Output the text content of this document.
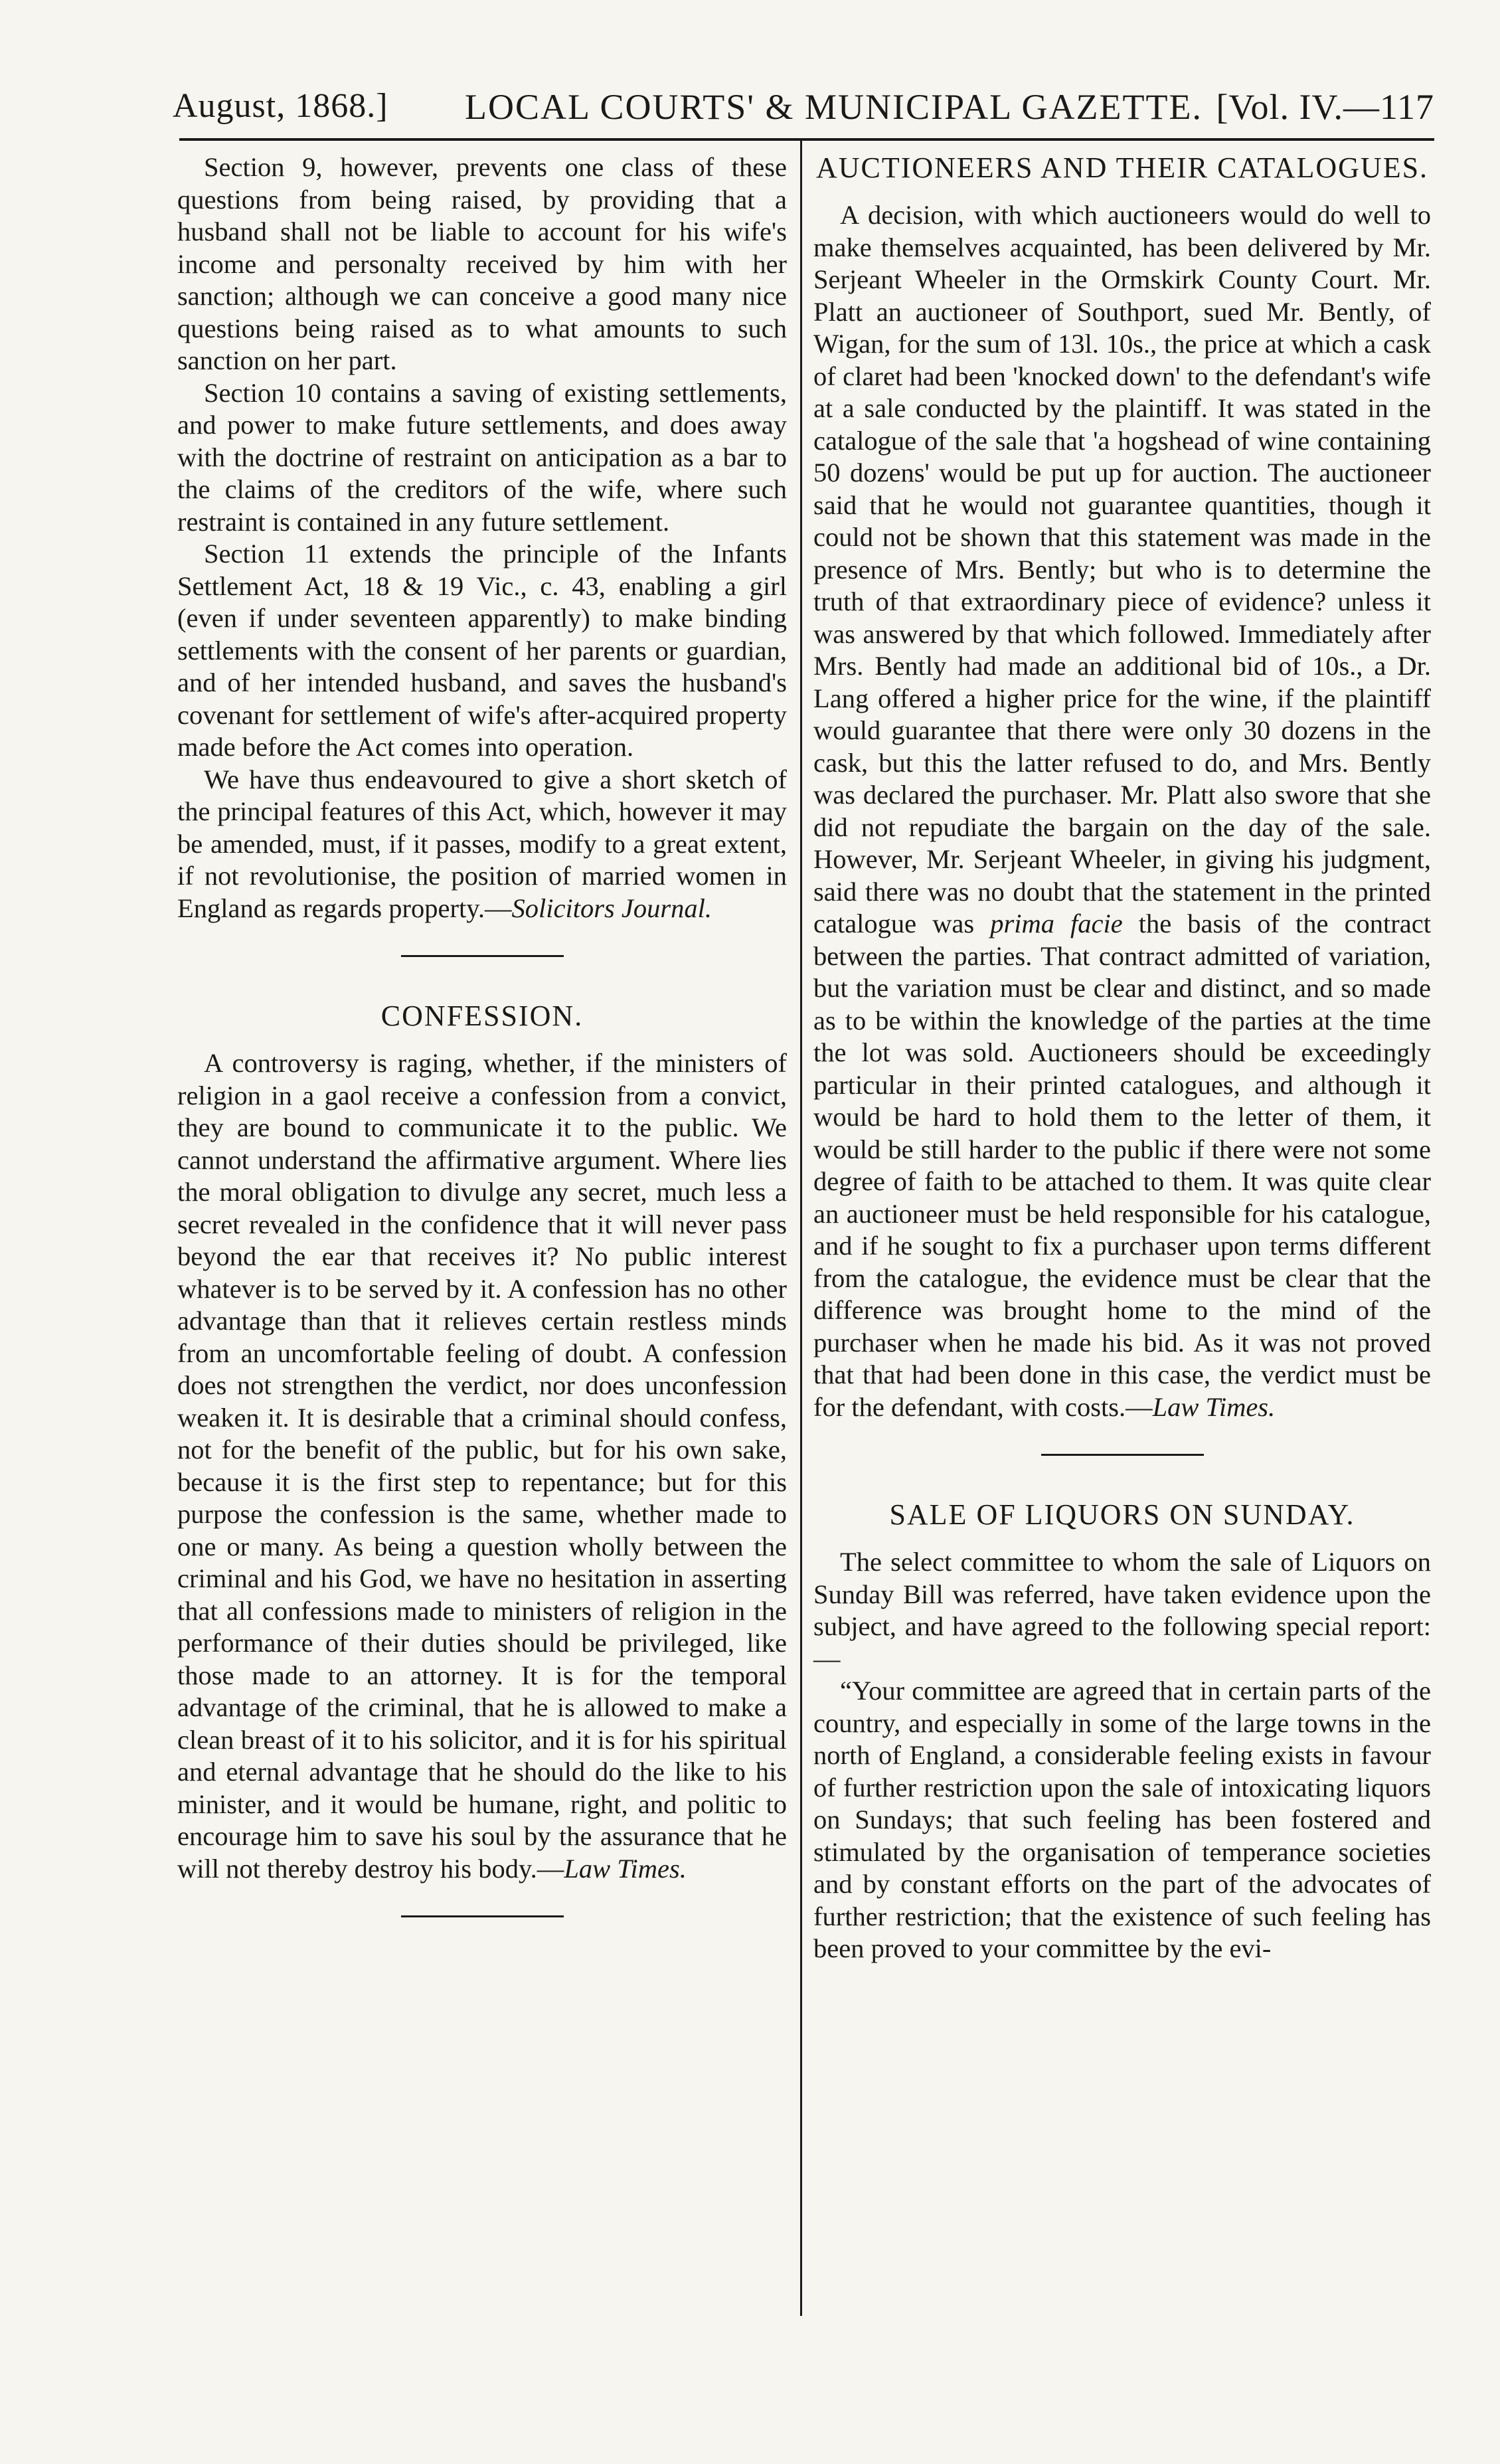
August, 1868.] LOCAL COURTS' & MUNICIPAL GAZETTE. [Vol. IV.—117

Section 9, however, prevents one class of these questions from being raised, by providing that a husband shall not be liable to account for his wife's income and personalty received by him with her sanction; although we can conceive a good many nice questions being raised as to what amounts to such sanction on her part.

Section 10 contains a saving of existing settlements, and power to make future settlements, and does away with the doctrine of restraint on anticipation as a bar to the claims of the creditors of the wife, where such restraint is contained in any future settlement.

Section 11 extends the principle of the Infants Settlement Act, 18 & 19 Vic., c. 43, enabling a girl (even if under seventeen apparently) to make binding settlements with the consent of her parents or guardian, and of her intended husband, and saves the husband's covenant for settlement of wife's after-acquired property made before the Act comes into operation.

We have thus endeavoured to give a short sketch of the principal features of this Act, which, however it may be amended, must, if it passes, modify to a great extent, if not revolutionise, the position of married women in England as regards property.—Solicitors Journal.

CONFESSION.

A controversy is raging, whether, if the ministers of religion in a gaol receive a confession from a convict, they are bound to communicate it to the public. We cannot understand the affirmative argument. Where lies the moral obligation to divulge any secret, much less a secret revealed in the confidence that it will never pass beyond the ear that receives it? No public interest whatever is to be served by it. A confession has no other advantage than that it relieves certain restless minds from an uncomfortable feeling of doubt. A confession does not strengthen the verdict, nor does unconfession weaken it. It is desirable that a criminal should confess, not for the benefit of the public, but for his own sake, because it is the first step to repentance; but for this purpose the confession is the same, whether made to one or many. As being a question wholly between the criminal and his God, we have no hesitation in asserting that all confessions made to ministers of religion in the performance of their duties should be privileged, like those made to an attorney. It is for the temporal advantage of the criminal, that he is allowed to make a clean breast of it to his solicitor, and it is for his spiritual and eternal advantage that he should do the like to his minister, and it would be humane, right, and politic to encourage him to save his soul by the assurance that he will not thereby destroy his body.—Law Times.

AUCTIONEERS AND THEIR CATALOGUES.

A decision, with which auctioneers would do well to make themselves acquainted, has been delivered by Mr. Serjeant Wheeler in the Ormskirk County Court. Mr. Platt an auctioneer of Southport, sued Mr. Bently, of Wigan, for the sum of 13l. 10s., the price at which a cask of claret had been 'knocked down' to the defendant's wife at a sale conducted by the plaintiff. It was stated in the catalogue of the sale that 'a hogshead of wine containing 50 dozens' would be put up for auction. The auctioneer said that he would not guarantee quantities, though it could not be shown that this statement was made in the presence of Mrs. Bently; but who is to determine the truth of that extraordinary piece of evidence? unless it was answered by that which followed. Immediately after Mrs. Bently had made an additional bid of 10s., a Dr. Lang offered a higher price for the wine, if the plaintiff would guarantee that there were only 30 dozens in the cask, but this the latter refused to do, and Mrs. Bently was declared the purchaser. Mr. Platt also swore that she did not repudiate the bargain on the day of the sale. However, Mr. Serjeant Wheeler, in giving his judgment, said there was no doubt that the statement in the printed catalogue was prima facie the basis of the contract between the parties. That contract admitted of variation, but the variation must be clear and distinct, and so made as to be within the knowledge of the parties at the time the lot was sold. Auctioneers should be exceedingly particular in their printed catalogues, and although it would be hard to hold them to the letter of them, it would be still harder to the public if there were not some degree of faith to be attached to them. It was quite clear an auctioneer must be held responsible for his catalogue, and if he sought to fix a purchaser upon terms different from the catalogue, the evidence must be clear that the difference was brought home to the mind of the purchaser when he made his bid. As it was not proved that that had been done in this case, the verdict must be for the defendant, with costs.—Law Times.

SALE OF LIQUORS ON SUNDAY.

The select committee to whom the sale of Liquors on Sunday Bill was referred, have taken evidence upon the subject, and have agreed to the following special report:—

“Your committee are agreed that in certain parts of the country, and especially in some of the large towns in the north of England, a considerable feeling exists in favour of further restriction upon the sale of intoxicating liquors on Sundays; that such feeling has been fostered and stimulated by the organisation of temperance societies and by constant efforts on the part of the advocates of further restriction; that the existence of such feeling has been proved to your committee by the evi-
